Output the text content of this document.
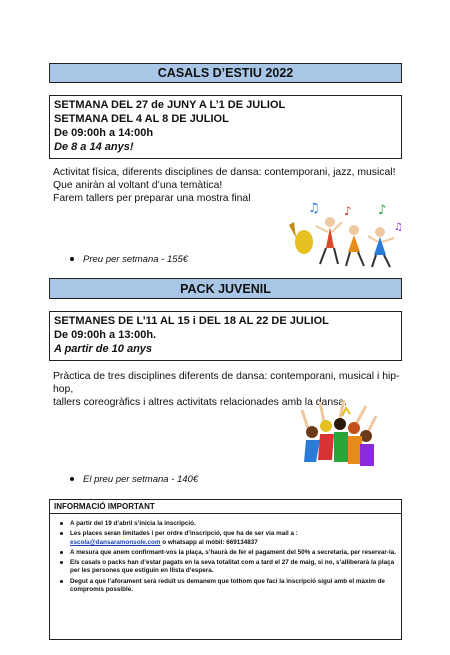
CASALS D’ESTIU 2022
SETMANA DEL 27 de JUNY A L’1 DE JULIOL
SETMANA DEL 4 AL 8 DE JULIOL
De 09:00h a 14:00h
De 8 a 14 anys!
Activitat física, diferents disciplines de dansa: contemporani, jazz, musical!
Que aniràn al voltant d’una temàtica!
Farem tallers per preparar una mostra final
♫ ♪ ♪
♫
Preu per setmana - 155€
PACK JUVENIL
SETMANES DE L’11 AL 15 i DEL 18 AL 22 DE JULIOL
De 09:00h a 13:00h.
A partir de 10 anys
Pràctica de tres disciplines diferents de dansa: contemporani, musical i hip-hop,
tallers coreogràfics i altres activitats relacionades amb la dansa.
El preu per setmana - 140€
INFORMACIÓ IMPORTANT
A partir del 19 d’abril s’inicia la inscripció.
Les places seran limitades i per ordre d’inscripció, que ha de ser via mail a :
escola@dansaramonsole.com o whatsapp al mòbil: 669134837
A mesura que anem confirmant-vos la plaça, s’haurà de fer el pagament del 50% a secretaria, per reservar-la.
Els casals o packs han d’estar pagats en la seva totalitat com a tard el 27 de maig, si no, s’alliberarà la plaça per les persones que estiguin en llista d’espera.
Degut a que l’aforament serà reduït us demanem que tothom que faci la inscripció sigui amb el màxim de compromís possible.
